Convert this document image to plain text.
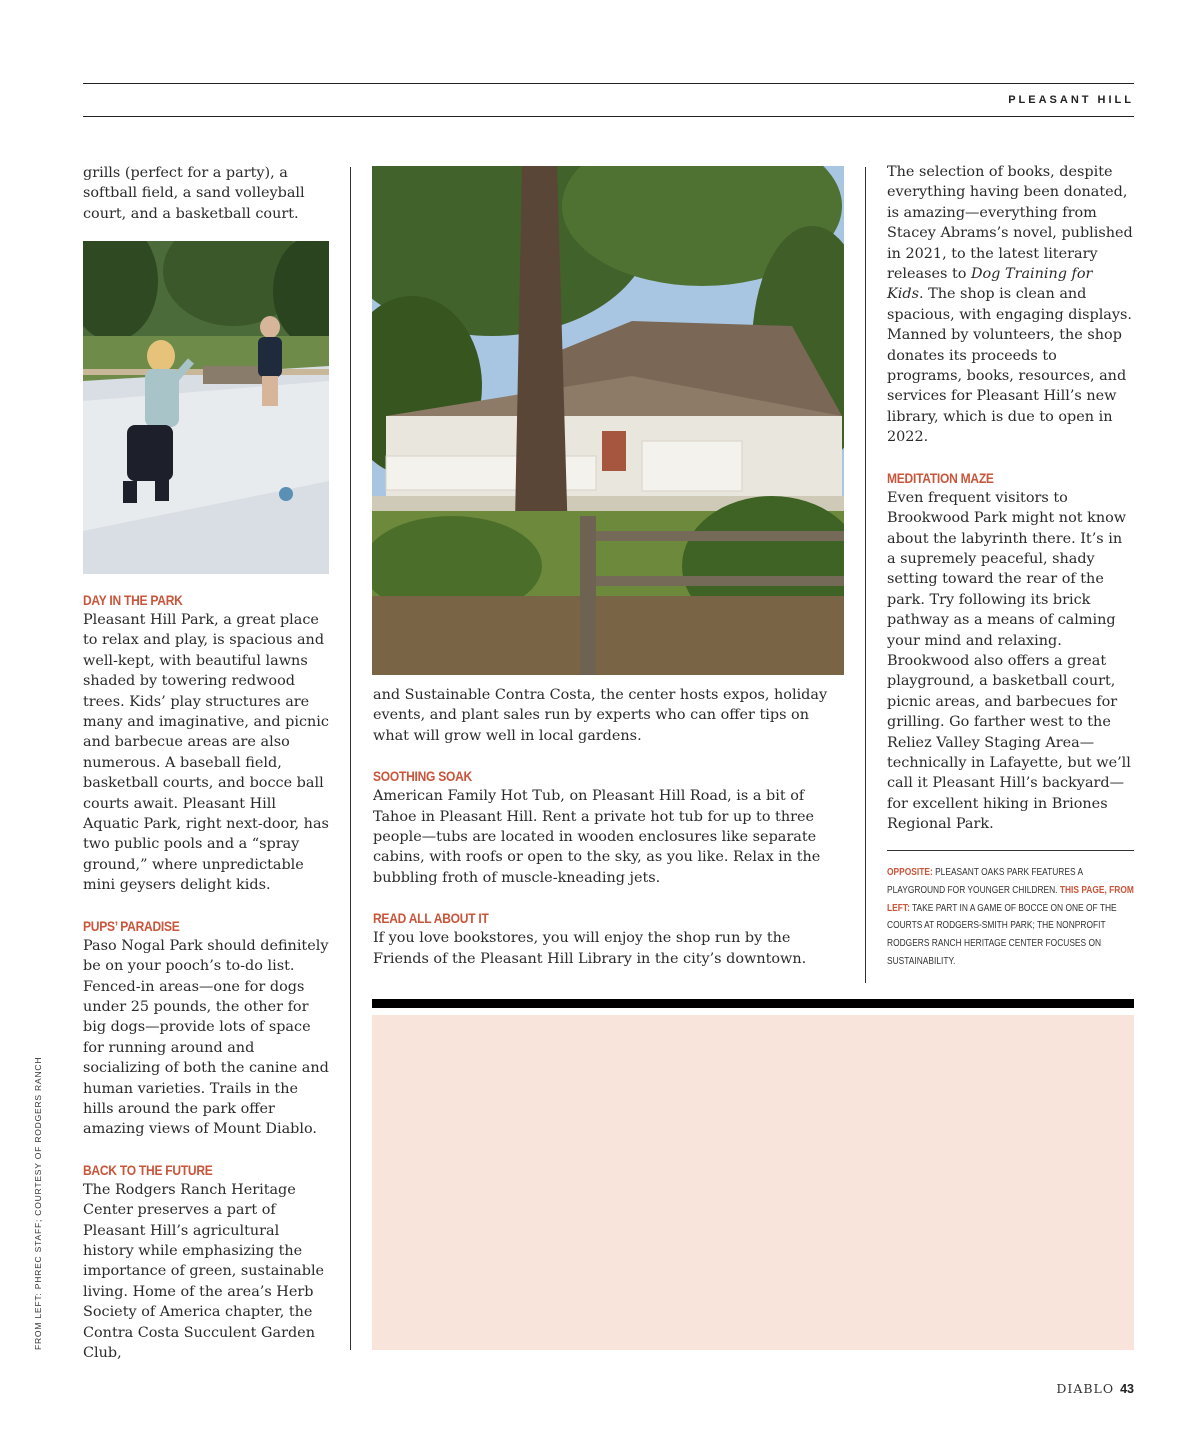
PLEASANT HILL

grills (perfect for a party), a softball field, a sand volleyball court, and a basketball court.

DAY IN THE PARK

Pleasant Hill Park, a great place to relax and play, is spacious and well-kept, with beautiful lawns shaded by towering redwood trees. Kids’ play structures are many and imaginative, and picnic and barbecue areas are also numerous. A baseball field, basketball courts, and bocce ball courts await. Pleasant Hill Aquatic Park, right next-door, has two public pools and a “spray ground,” where unpredictable mini geysers delight kids.

PUPS’ PARADISE

Paso Nogal Park should definitely be on your pooch’s to-do list. Fenced-in areas—one for dogs under 25 pounds, the other for big dogs—provide lots of space for running around and socializing of both the canine and human varieties. Trails in the hills around the park offer amazing views of Mount Diablo.

BACK TO THE FUTURE

The Rodgers Ranch Heritage Center preserves a part of Pleasant Hill’s agricultural history while emphasizing the importance of green, sustainable living. Home of the area’s Herb Society of America chapter, the Contra Costa Succulent Garden Club,

and Sustainable Contra Costa, the center hosts expos, holiday events, and plant sales run by experts who can offer tips on what will grow well in local gardens.

SOOTHING SOAK

American Family Hot Tub, on Pleasant Hill Road, is a bit of Tahoe in Pleasant Hill. Rent a private hot tub for up to three people—tubs are located in wooden enclosures like separate cabins, with roofs or open to the sky, as you like. Relax in the bubbling froth of muscle-kneading jets.

READ ALL ABOUT IT

If you love bookstores, you will enjoy the shop run by the Friends of the Pleasant Hill Library in the city’s downtown.

The selection of books, despite everything having been donated, is amazing—everything from Stacey Abrams’s novel, published in 2021, to the latest literary releases to Dog Training for Kids. The shop is clean and spacious, with engaging displays. Manned by volunteers, the shop donates its proceeds to programs, books, resources, and services for Pleasant Hill’s new library, which is due to open in 2022.

MEDITATION MAZE

Even frequent visitors to Brookwood Park might not know about the labyrinth there. It’s in a supremely peaceful, shady setting toward the rear of the park. Try following its brick pathway as a means of calming your mind and relaxing. Brookwood also offers a great playground, a basketball court, picnic areas, and barbecues for grilling. Go farther west to the Reliez Valley Staging Area—technically in Lafayette, but we’ll call it Pleasant Hill’s backyard—for excellent hiking in Briones Regional Park.

OPPOSITE: PLEASANT OAKS PARK FEATURES A PLAYGROUND FOR YOUNGER CHILDREN. THIS PAGE, FROM LEFT: TAKE PART IN A GAME OF BOCCE ON ONE OF THE COURTS AT RODGERS-SMITH PARK; THE NONPROFIT RODGERS RANCH HERITAGE CENTER FOCUSES ON SUSTAINABILITY.
FROM LEFT: PHREC STAFF; COURTESY OF RODGERS RANCH
DIABLO 43
